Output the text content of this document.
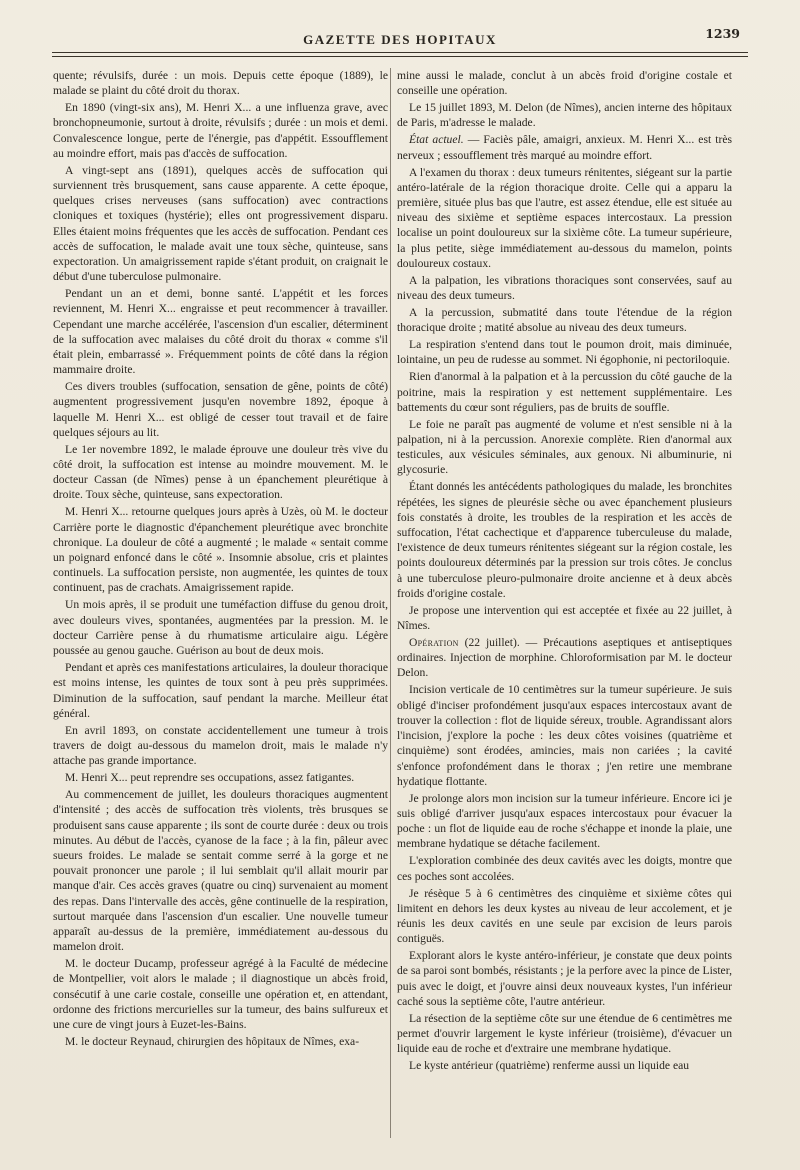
GAZETTE DES HOPITAUX	1239

quente; révulsifs, durée : un mois. Depuis cette époque (1889), le malade se plaint du côté droit du thorax.

En 1890 (vingt-six ans), M. Henri X... a une influenza grave, avec bronchopneumonie, surtout à droite, révulsifs ; durée : un mois et demi. Convalescence longue, perte de l'énergie, pas d'appétit. Essoufflement au moindre effort, mais pas d'accès de suffocation.

A vingt-sept ans (1891), quelques accès de suffocation qui surviennent très brusquement, sans cause apparente. A cette époque, quelques crises nerveuses (sans suffocation) avec contractions cloniques et toxiques (hystérie); elles ont progressivement disparu. Elles étaient moins fréquentes que les accès de suffocation. Pendant ces accès de suffocation, le malade avait une toux sèche, quinteuse, sans expectoration. Un amaigrissement rapide s'étant produit, on craignait le début d'une tuberculose pulmonaire.

Pendant un an et demi, bonne santé. L'appétit et les forces reviennent, M. Henri X... engraisse et peut recommencer à travailler. Cependant une marche accélérée, l'ascension d'un escalier, déterminent de la suffocation avec malaises du côté droit du thorax « comme s'il était plein, embarrassé ». Fréquemment points de côté dans la région mammaire droite.

Ces divers troubles (suffocation, sensation de gêne, points de côté) augmentent progressivement jusqu'en novembre 1892, époque à laquelle M. Henri X... est obligé de cesser tout travail et de faire quelques séjours au lit.

Le 1er novembre 1892, le malade éprouve une douleur très vive du côté droit, la suffocation est intense au moindre mouvement. M. le docteur Cassan (de Nîmes) pense à un épanchement pleurétique à droite. Toux sèche, quinteuse, sans expectoration.

M. Henri X... retourne quelques jours après à Uzès, où M. le docteur Carrière porte le diagnostic d'épanchement pleurétique avec bronchite chronique. La douleur de côté a augmenté ; le malade « sentait comme un poignard enfoncé dans le côté ». Insomnie absolue, cris et plaintes continuels. La suffocation persiste, non augmentée, les quintes de toux continuent, pas de crachats. Amaigrissement rapide.

Un mois après, il se produit une tuméfaction diffuse du genou droit, avec douleurs vives, spontanées, augmentées par la pression. M. le docteur Carrière pense à du rhumatisme articulaire aigu. Légère poussée au genou gauche. Guérison au bout de deux mois.

Pendant et après ces manifestations articulaires, la douleur thoracique est moins intense, les quintes de toux sont à peu près supprimées. Diminution de la suffocation, sauf pendant la marche. Meilleur état général.

En avril 1893, on constate accidentellement une tumeur à trois travers de doigt au-dessous du mamelon droit, mais le malade n'y attache pas grande importance.

M. Henri X... peut reprendre ses occupations, assez fatigantes.

Au commencement de juillet, les douleurs thoraciques augmentent d'intensité ; des accès de suffocation très violents, très brusques se produisent sans cause apparente ; ils sont de courte durée : deux ou trois minutes. Au début de l'accès, cyanose de la face ; à la fin, pâleur avec sueurs froides. Le malade se sentait comme serré à la gorge et ne pouvait prononcer une parole ; il lui semblait qu'il allait mourir par manque d'air. Ces accès graves (quatre ou cinq) survenaient au moment des repas. Dans l'intervalle des accès, gêne continuelle de la respiration, surtout marquée dans l'ascension d'un escalier. Une nouvelle tumeur apparaît au-dessus de la première, immédiatement au-dessous du mamelon droit.

M. le docteur Ducamp, professeur agrégé à la Faculté de médecine de Montpellier, voit alors le malade ; il diagnostique un abcès froid, consécutif à une carie costale, conseille une opération et, en attendant, ordonne des frictions mercurielles sur la tumeur, des bains sulfureux et une cure de vingt jours à Euzet-les-Bains.

M. le docteur Reynaud, chirurgien des hôpitaux de Nîmes, exa-

mine aussi le malade, conclut à un abcès froid d'origine costale et conseille une opération.

Le 15 juillet 1893, M. Delon (de Nîmes), ancien interne des hôpitaux de Paris, m'adresse le malade.

État actuel. — Faciès pâle, amaigri, anxieux. M. Henri X... est très nerveux ; essoufflement très marqué au moindre effort.

A l'examen du thorax : deux tumeurs rénitentes, siégeant sur la partie antéro-latérale de la région thoracique droite. Celle qui a apparu la première, située plus bas que l'autre, est assez étendue, elle est située au niveau des sixième et septième espaces intercostaux. La pression localise un point douloureux sur la sixième côte. La tumeur supérieure, la plus petite, siège immédiatement au-dessous du mamelon, points douloureux costaux.

A la palpation, les vibrations thoraciques sont conservées, sauf au niveau des deux tumeurs.

A la percussion, submatité dans toute l'étendue de la région thoracique droite ; matité absolue au niveau des deux tumeurs.

La respiration s'entend dans tout le poumon droit, mais diminuée, lointaine, un peu de rudesse au sommet. Ni égophonie, ni pectoriloquie.

Rien d'anormal à la palpation et à la percussion du côté gauche de la poitrine, mais la respiration y est nettement supplémentaire. Les battements du cœur sont réguliers, pas de bruits de souffle.

Le foie ne paraît pas augmenté de volume et n'est sensible ni à la palpation, ni à la percussion. Anorexie complète. Rien d'anormal aux testicules, aux vésicules séminales, aux genoux. Ni albuminurie, ni glycosurie.

Étant donnés les antécédents pathologiques du malade, les bronchites répétées, les signes de pleurésie sèche ou avec épanchement plusieurs fois constatés à droite, les troubles de la respiration et les accès de suffocation, l'état cachectique et d'apparence tuberculeuse du malade, l'existence de deux tumeurs rénitentes siégeant sur la région costale, les points douloureux déterminés par la pression sur trois côtes. Je conclus à une tuberculose pleuro-pulmonaire droite ancienne et à deux abcès froids d'origine costale.

Je propose une intervention qui est acceptée et fixée au 22 juillet, à Nîmes.

Opération (22 juillet). — Précautions aseptiques et antiseptiques ordinaires. Injection de morphine. Chloroformisation par M. le docteur Delon.

Incision verticale de 10 centimètres sur la tumeur supérieure. Je suis obligé d'inciser profondément jusqu'aux espaces intercostaux avant de trouver la collection : flot de liquide séreux, trouble. Agrandissant alors l'incision, j'explore la poche : les deux côtes voisines (quatrième et cinquième) sont érodées, amincies, mais non cariées ; la cavité s'enfonce profondément dans le thorax ; j'en retire une membrane hydatique flottante.

Je prolonge alors mon incision sur la tumeur inférieure. Encore ici je suis obligé d'arriver jusqu'aux espaces intercostaux pour évacuer la poche : un flot de liquide eau de roche s'échappe et inonde la plaie, une membrane hydatique se détache facilement.

L'exploration combinée des deux cavités avec les doigts, montre que ces poches sont accolées.

Je résèque 5 à 6 centimètres des cinquième et sixième côtes qui limitent en dehors les deux kystes au niveau de leur accolement, et je réunis les deux cavités en une seule par excision de leurs parois contiguës.

Explorant alors le kyste antéro-inférieur, je constate que deux points de sa paroi sont bombés, résistants ; je la perfore avec la pince de Lister, puis avec le doigt, et j'ouvre ainsi deux nouveaux kystes, l'un inférieur caché sous la septième côte, l'autre antérieur.

La résection de la septième côte sur une étendue de 6 centimètres me permet d'ouvrir largement le kyste inférieur (troisième), d'évacuer un liquide eau de roche et d'extraire une membrane hydatique.

Le kyste antérieur (quatrième) renferme aussi un liquide eau
